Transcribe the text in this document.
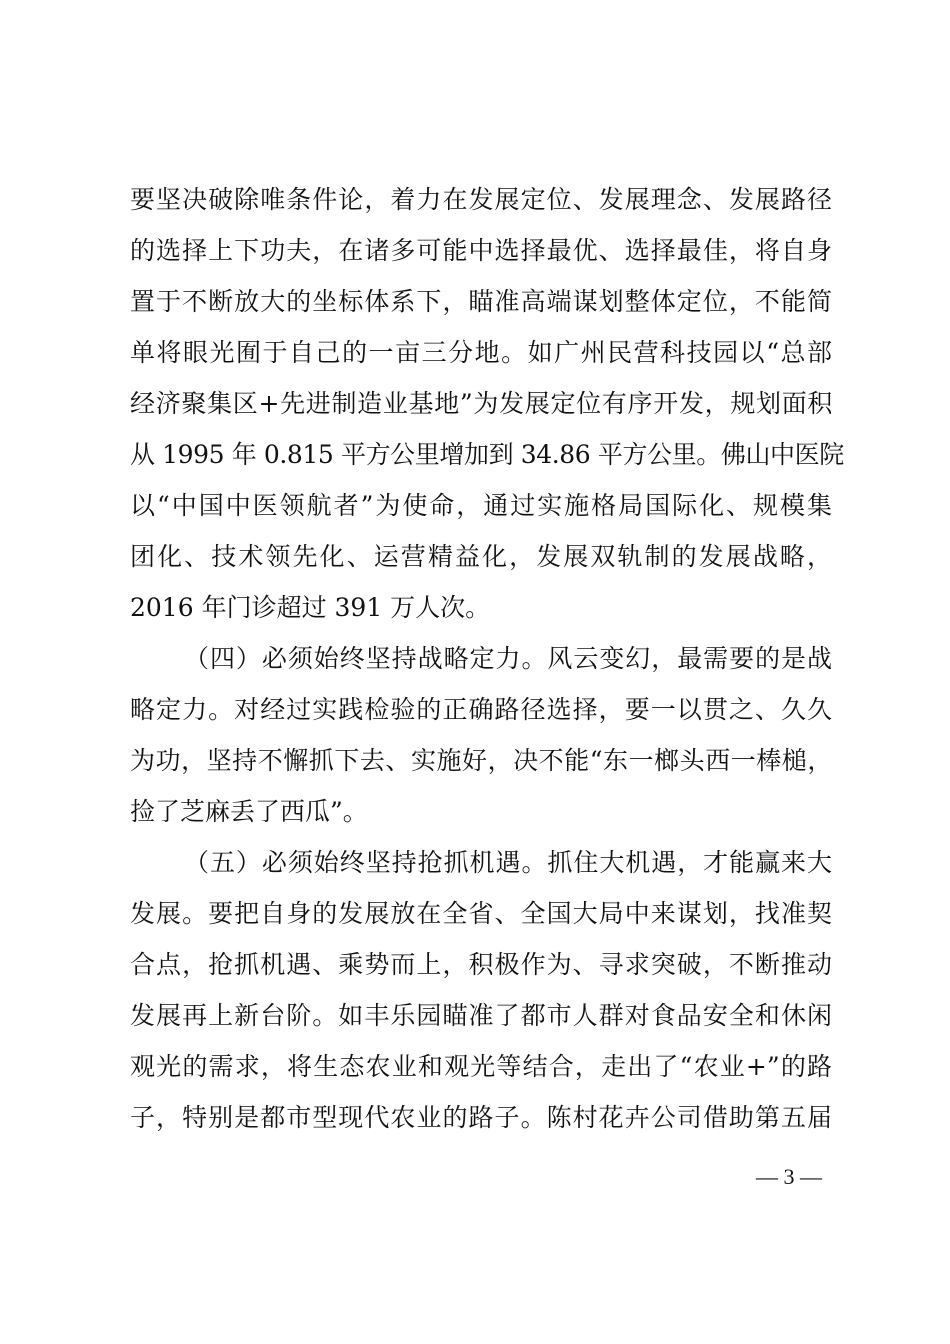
要坚决破除唯条件论，着力在发展定位、发展理念、发展路径
的选择上下功夫，在诸多可能中选择最优、选择最佳，将自身
置于不断放大的坐标体系下，瞄准高端谋划整体定位，不能简
单将眼光囿于自己的一亩三分地。如广州民营科技园以“总部
经济聚集区+先进制造业基地”为发展定位有序开发，规划面积
从 1995 年 0.815 平方公里增加到 34.86 平方公里。佛山中医院
以“中国中医领航者”为使命，通过实施格局国际化、规模集
团化、技术领先化、运营精益化，发展双轨制的发展战略，
2016 年门诊超过 391 万人次。
（四）必须始终坚持战略定力。风云变幻，最需要的是战
略定力。对经过实践检验的正确路径选择，要一以贯之、久久
为功，坚持不懈抓下去、实施好，决不能“东一榔头西一棒槌，
捡了芝麻丢了西瓜”。
（五）必须始终坚持抢抓机遇。抓住大机遇，才能赢来大
发展。要把自身的发展放在全省、全国大局中来谋划，找准契
合点，抢抓机遇、乘势而上，积极作为、寻求突破，不断推动
发展再上新台阶。如丰乐园瞄准了都市人群对食品安全和休闲
观光的需求，将生态农业和观光等结合，走出了“农业+”的路
子，特别是都市型现代农业的路子。陈村花卉公司借助第五届
— 3 —
